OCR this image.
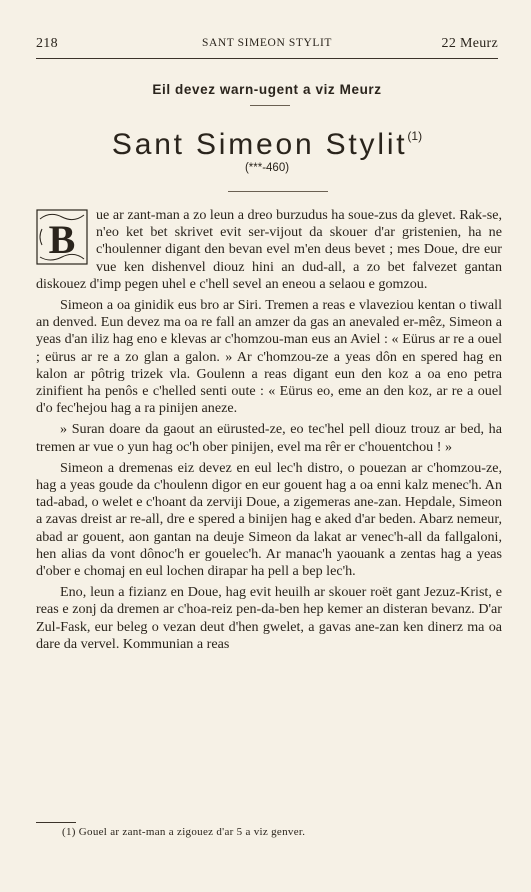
218	SANT SIMEON STYLIT	22 Meurz
Eil devez warn-ugent a viz Meurz
Sant Simeon Stylit$^{(1)}$
(***-460)

B
ue ar zant-man a zo leun a dreo burzudus ha soue-zus da glevet. Rak-se, n'eo ket bet skrivet evit ser-vijout da skouer d'ar gristenien, ha ne c'houlenner digant den bevan evel m'en deus bevet ; mes Doue, dre eur vue ken dishenvel diouz hini an dud-all, a zo bet falvezet gantan diskouez d'imp pegen uhel e c'hell sevel an eneou a selaou e gomzou.

Simeon a oa ginidik eus bro ar Siri. Tremen a reas e vlaveziou kentan o tiwall an denved. Eun devez ma oa re fall an amzer da gas an anevaled er-mêz, Simeon a yeas d'an iliz hag eno e klevas ar c'homzou-man eus an Aviel : « Eürus ar re a ouel ; eürus ar re a zo glan a galon. » Ar c'homzou-ze a yeas dôn en spered hag en kalon ar pôtrig trizek vla. Goulenn a reas digant eun den koz a oa eno petra zinifient ha penôs e c'helled senti oute : « Eürus eo, eme an den koz, ar re a ouel d'o fec'hejou hag a ra pinijen aneze.

» Suran doare da gaout an eürusted-ze, eo tec'hel pell diouz trouz ar bed, ha tremen ar vue o yun hag oc'h ober pinijen, evel ma rêr er c'houentchou ! »

Simeon a dremenas eiz devez en eul lec'h distro, o pouezan ar c'homzou-ze, hag a yeas goude da c'houlenn digor en eur gouent hag a oa enni kalz menec'h. An tad-abad, o welet e c'hoant da zerviji Doue, a zigemeras ane-zan. Hepdale, Simeon a zavas dreist ar re-all, dre e spered a binijen hag e aked d'ar beden. Abarz nemeur, abad ar gouent, aon gantan na deuje Simeon da lakat ar venec'h-all da fallgaloni, hen alias da vont dônoc'h er gouelec'h. Ar manac'h yaouank a zentas hag a yeas d'ober e chomaj en eul lochen dirapar ha pell a bep lec'h.

Eno, leun a fizianz en Doue, hag evit heuilh ar skouer roët gant Jezuz-Krist, e reas e zonj da dremen ar c'hoa-reiz pen-da-ben hep kemer an disteran bevanz. D'ar Zul-Fask, eur beleg o vezan deut d'hen gwelet, a gavas ane-zan ken dinerz ma oa dare da vervel. Kommunian a reas

(1) Gouel ar zant-man a zigouez d'ar 5 a viz genver.
